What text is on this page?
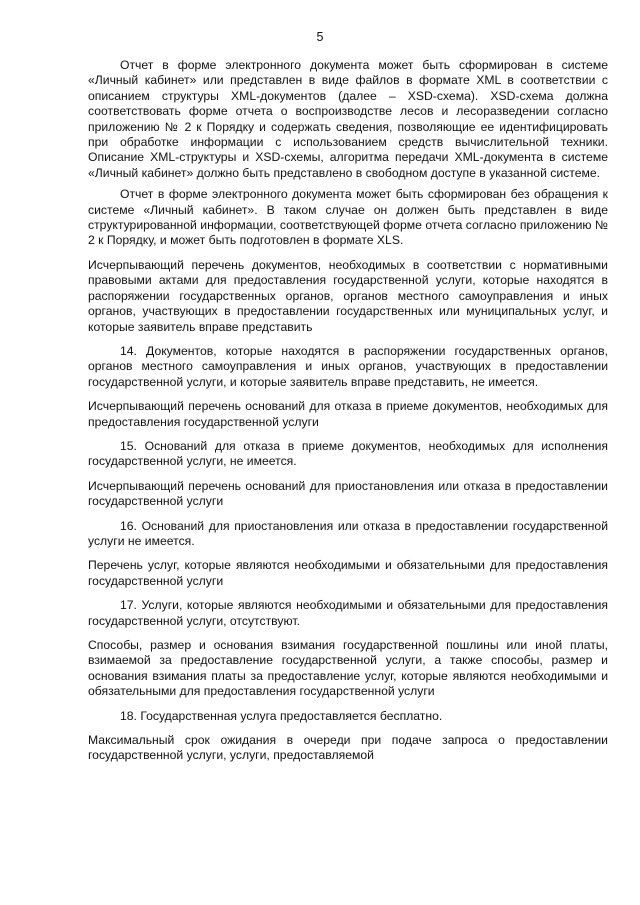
5

Отчет в форме электронного документа может быть сформирован в системе «Личный кабинет» или представлен в виде файлов в формате XML в соответствии с описанием структуры XML-документов (далее – XSD-схема). XSD-схема должна соответствовать форме отчета о воспроизводстве лесов и лесоразведении согласно приложению № 2 к Порядку и содержать сведения, позволяющие ее идентифицировать при обработке информации с использованием средств вычислительной техники. Описание XML-структуры и XSD-схемы, алгоритма передачи XML-документа в системе «Личный кабинет» должно быть представлено в свободном доступе в указанной системе.

Отчет в форме электронного документа может быть сформирован без обращения к системе «Личный кабинет». В таком случае он должен быть представлен в виде структурированной информации, соответствующей форме отчета согласно приложению № 2 к Порядку, и может быть подготовлен в формате XLS.

Исчерпывающий перечень документов, необходимых в соответствии с нормативными правовыми актами для предоставления государственной услуги, которые находятся в распоряжении государственных органов, органов местного самоуправления и иных органов, участвующих в предоставлении государственных или муниципальных услуг, и которые заявитель вправе представить

14. Документов, которые находятся в распоряжении государственных органов, органов местного самоуправления и иных органов, участвующих в предоставлении государственной услуги, и которые заявитель вправе представить, не имеется.

Исчерпывающий перечень оснований для отказа в приеме документов, необходимых для предоставления государственной услуги

15. Оснований для отказа в приеме документов, необходимых для исполнения государственной услуги, не имеется.

Исчерпывающий перечень оснований для приостановления или отказа в предоставлении государственной услуги

16. Оснований для приостановления или отказа в предоставлении государственной услуги не имеется.

Перечень услуг, которые являются необходимыми и обязательными для предоставления государственной услуги

17. Услуги, которые являются необходимыми и обязательными для предоставления государственной услуги, отсутствуют.

Способы, размер и основания взимания государственной пошлины или иной платы, взимаемой за предоставление государственной услуги, а также способы, размер и основания взимания платы за предоставление услуг, которые являются необходимыми и обязательными для предоставления государственной услуги

18. Государственная услуга предоставляется бесплатно.

Максимальный срок ожидания в очереди при подаче запроса о предоставлении государственной услуги, услуги, предоставляемой
